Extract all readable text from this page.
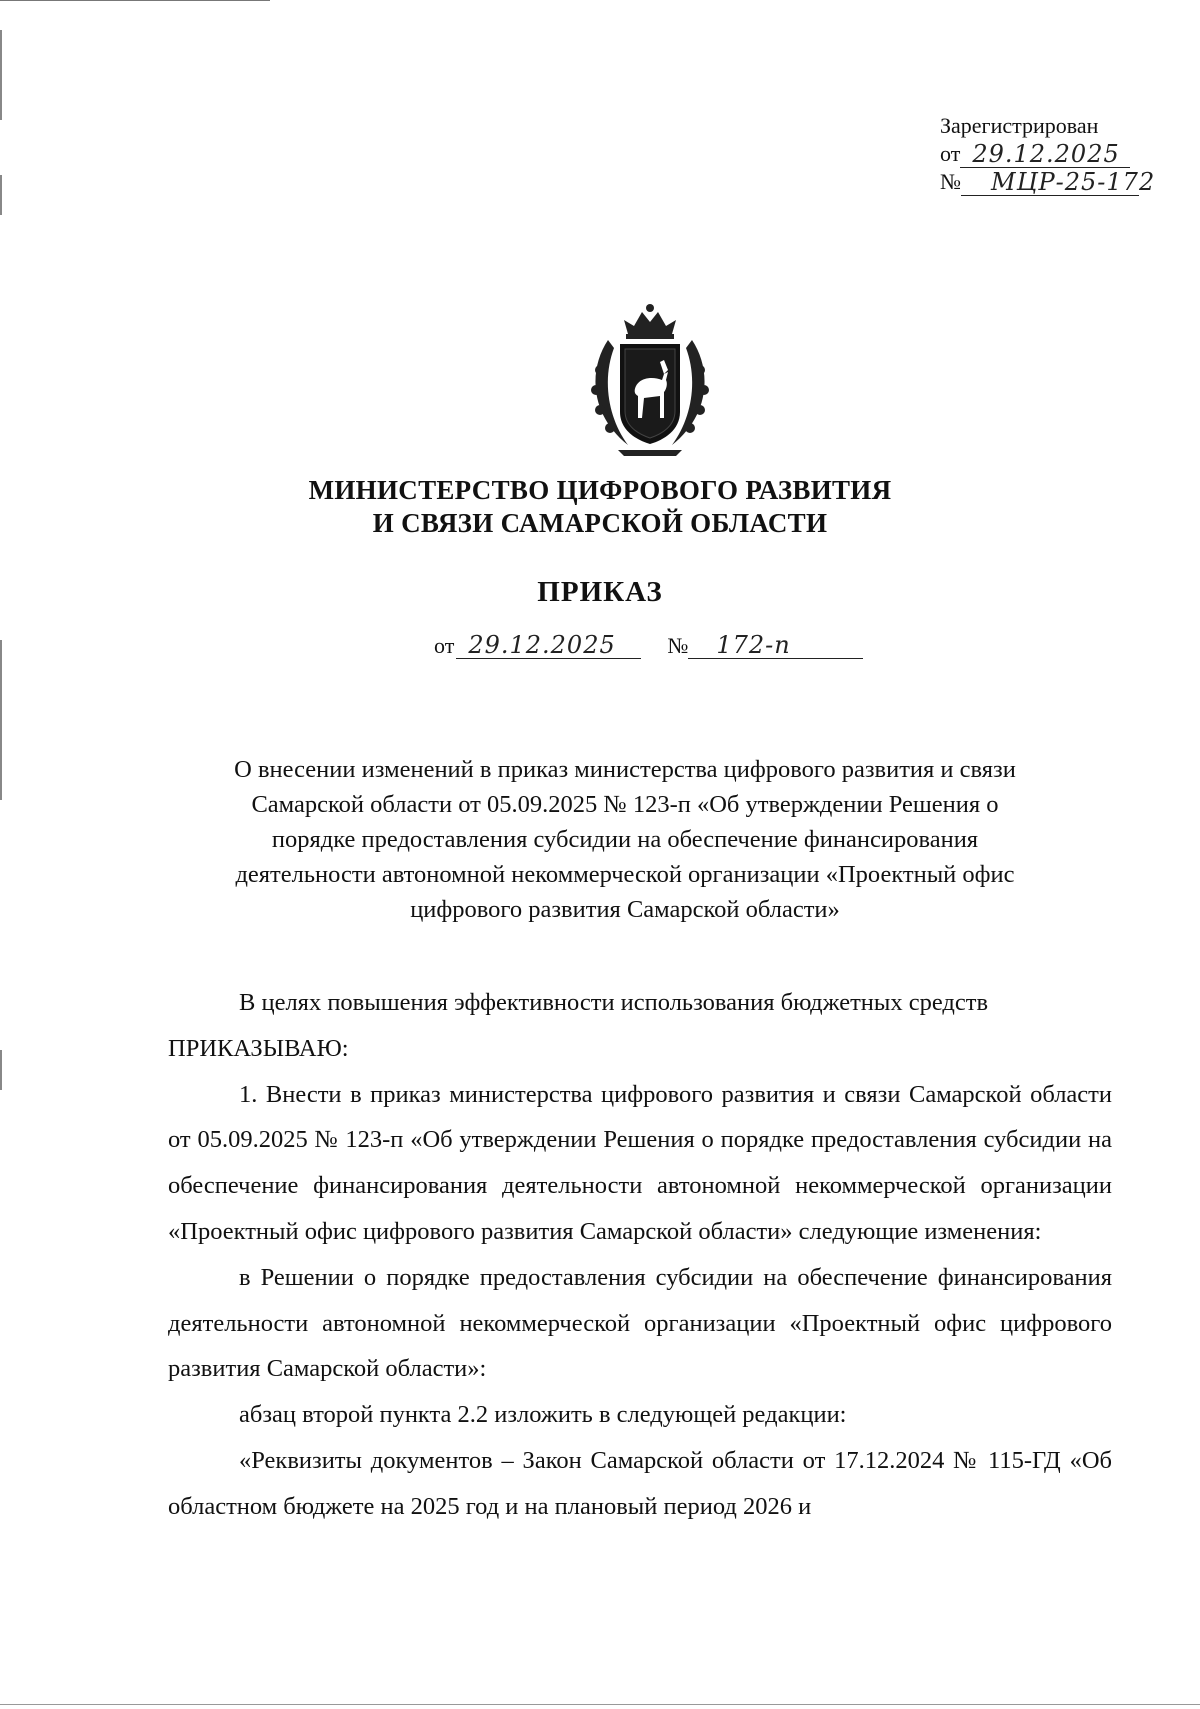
Зарегистрирован
от 29.12.2025
№ МЦР-25-172
МИНИСТЕРСТВО ЦИФРОВОГО РАЗВИТИЯ
И СВЯЗИ САМАРСКОЙ ОБЛАСТИ
ПРИКАЗ
от 29.12.2025 № 172-п
О внесении изменений в приказ министерства цифрового развития и связи
Самарской области от 05.09.2025 № 123-п «Об утверждении Решения о
порядке предоставления субсидии на обеспечение финансирования
деятельности автономной некоммерческой организации «Проектный офис
цифрового развития Самарской области»

В целях повышения эффективности использования бюджетных средств

ПРИКАЗЫВАЮ:

1. Внести в приказ министерства цифрового развития и связи Самарской области от 05.09.2025 № 123-п «Об утверждении Решения о порядке предоставления субсидии на обеспечение финансирования деятельности автономной некоммерческой организации «Проектный офис цифрового развития Самарской области» следующие изменения:

в Решении о порядке предоставления субсидии на обеспечение финансирования деятельности автономной некоммерческой организации «Проектный офис цифрового развития Самарской области»:

абзац второй пункта 2.2 изложить в следующей редакции:

«Реквизиты документов – Закон Самарской области от 17.12.2024 № 115-ГД «Об областном бюджете на 2025 год и на плановый период 2026 и
